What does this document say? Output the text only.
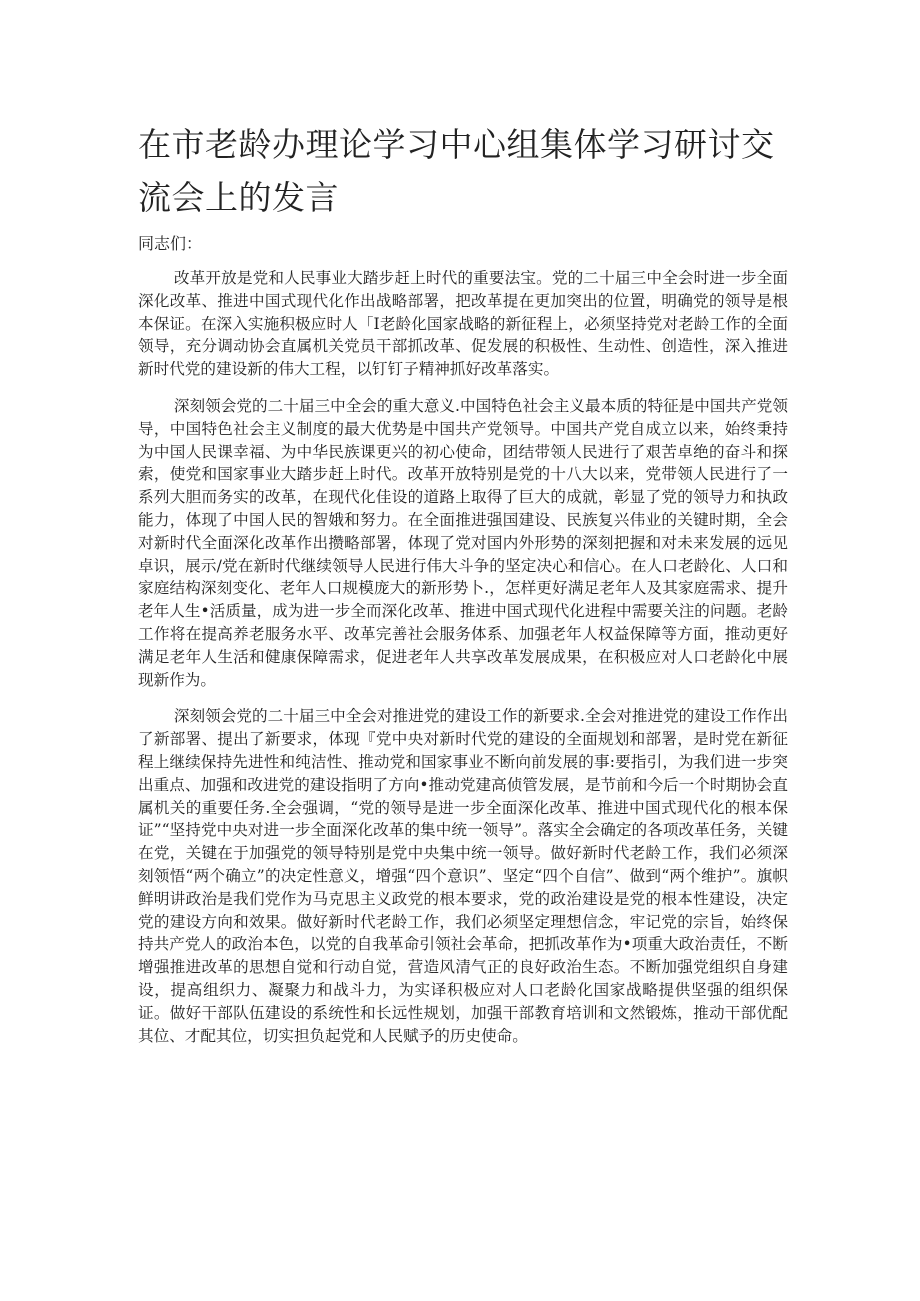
在市老龄办理论学习中心组集体学习研讨交流会上的发言

同志们：

改革开放是党和人民事业大踏步赶上时代的重要法宝。党的二十届三中全会时进一步全面深化改革、推进中国式现代化作出战略部署，把改革提在更加突出的位置，明确党的领导是根本保证。在深入实施积极应时人「I老龄化国家战略的新征程上，必须坚持党对老龄工作的全面领导，充分调动协会直属机关党员干部抓改革、促发展的积极性、生动性、创造性，深入推进新时代党的建设新的伟大工程，以钉钉子精神抓好改革落实。

深刻领会党的二十届三中全会的重大意义.中国特色社会主义最本质的特征是中国共产党领导，中国特色社会主义制度的最大优势是中国共产党领导。中国共产党自成立以来，始终秉持为中国人民课幸福、为中华民族课更兴的初心使命，团结带领人民进行了艰苦卓绝的奋斗和探索，使党和国家事业大踏步赶上时代。改革开放特别是党的十八大以来，党带领人民进行了一系列大胆而务实的改革，在现代化佳设的道路上取得了巨大的成就，彰显了党的领导力和执政能力，体现了中国人民的智娥和努力。在全面推进强国建设、民族复兴伟业的关键时期，全会对新时代全面深化改革作出攒略部署，体现了党对国内外形势的深刻把握和对未来发展的远见卓识，展示/党在新时代继续领导人民进行伟大斗争的坚定决心和信心。在人口老龄化、人口和家庭结构深刻变化、老年人口规模庞大的新形势卜.，怎样更好满足老年人及其家庭需求、提升老年人生•活质量，成为进一步全而深化改革、推进中国式现代化进程中需要关注的问题。老龄工作将在提高养老服务水平、改革完善社会服务体系、加强老年人权益保障等方面，推动更好满足老年人生活和健康保障需求，促进老年人共享改革发展成果，在积极应对人口老龄化中展现新作为。

深刻领会党的二十届三中全会对推进党的建设工作的新要求.全会对推进党的建设工作作出了新部署、提出了新要求，体现『党中央对新时代党的建设的全面规划和部署，是时党在新征程上继续保持先进性和纯洁性、推动党和国家事业不断向前发展的事:要指引，为我们进一步突出重点、加强和改进党的建设指明了方向•推动党建高侦管发展，是节前和今后一个时期协会直属机关的重要任务.全会强调，“党的领导是进一步全面深化改革、推进中国式现代化的根本保证”“坚持党中央对进一步全面深化改革的集中统一领导”。落实全会确定的各项改革任务，关键在党，关键在于加强党的领导特别是党中央集中统一领导。做好新时代老龄工作，我们必须深刻领悟“两个确立”的决定性意义，增强“四个意识”、坚定“四个自信”、做到“两个维护”。旗帜鲜明讲政治是我们党作为马克思主义政党的根本要求，党的政治建设是党的根本性建设，决定党的建设方向和效果。做好新时代老龄工作，我们必须坚定理想信念，牢记党的宗旨，始终保持共产党人的政治本色，以党的自我革命引领社会革命，把抓改革作为•项重大政治责任，不断增强推进改革的思想自觉和行动自觉，营造风清气正的良好政治生态。不断加强党组织自身建设，提高组织力、凝聚力和战斗力，为实译积极应对人口老龄化国家战略提供坚强的组织保证。做好干部队伍建设的系统性和长远性规划，加强干部教育培训和文然锻炼，推动干部优配其位、才配其位，切实担负起党和人民赋予的历史使命。
